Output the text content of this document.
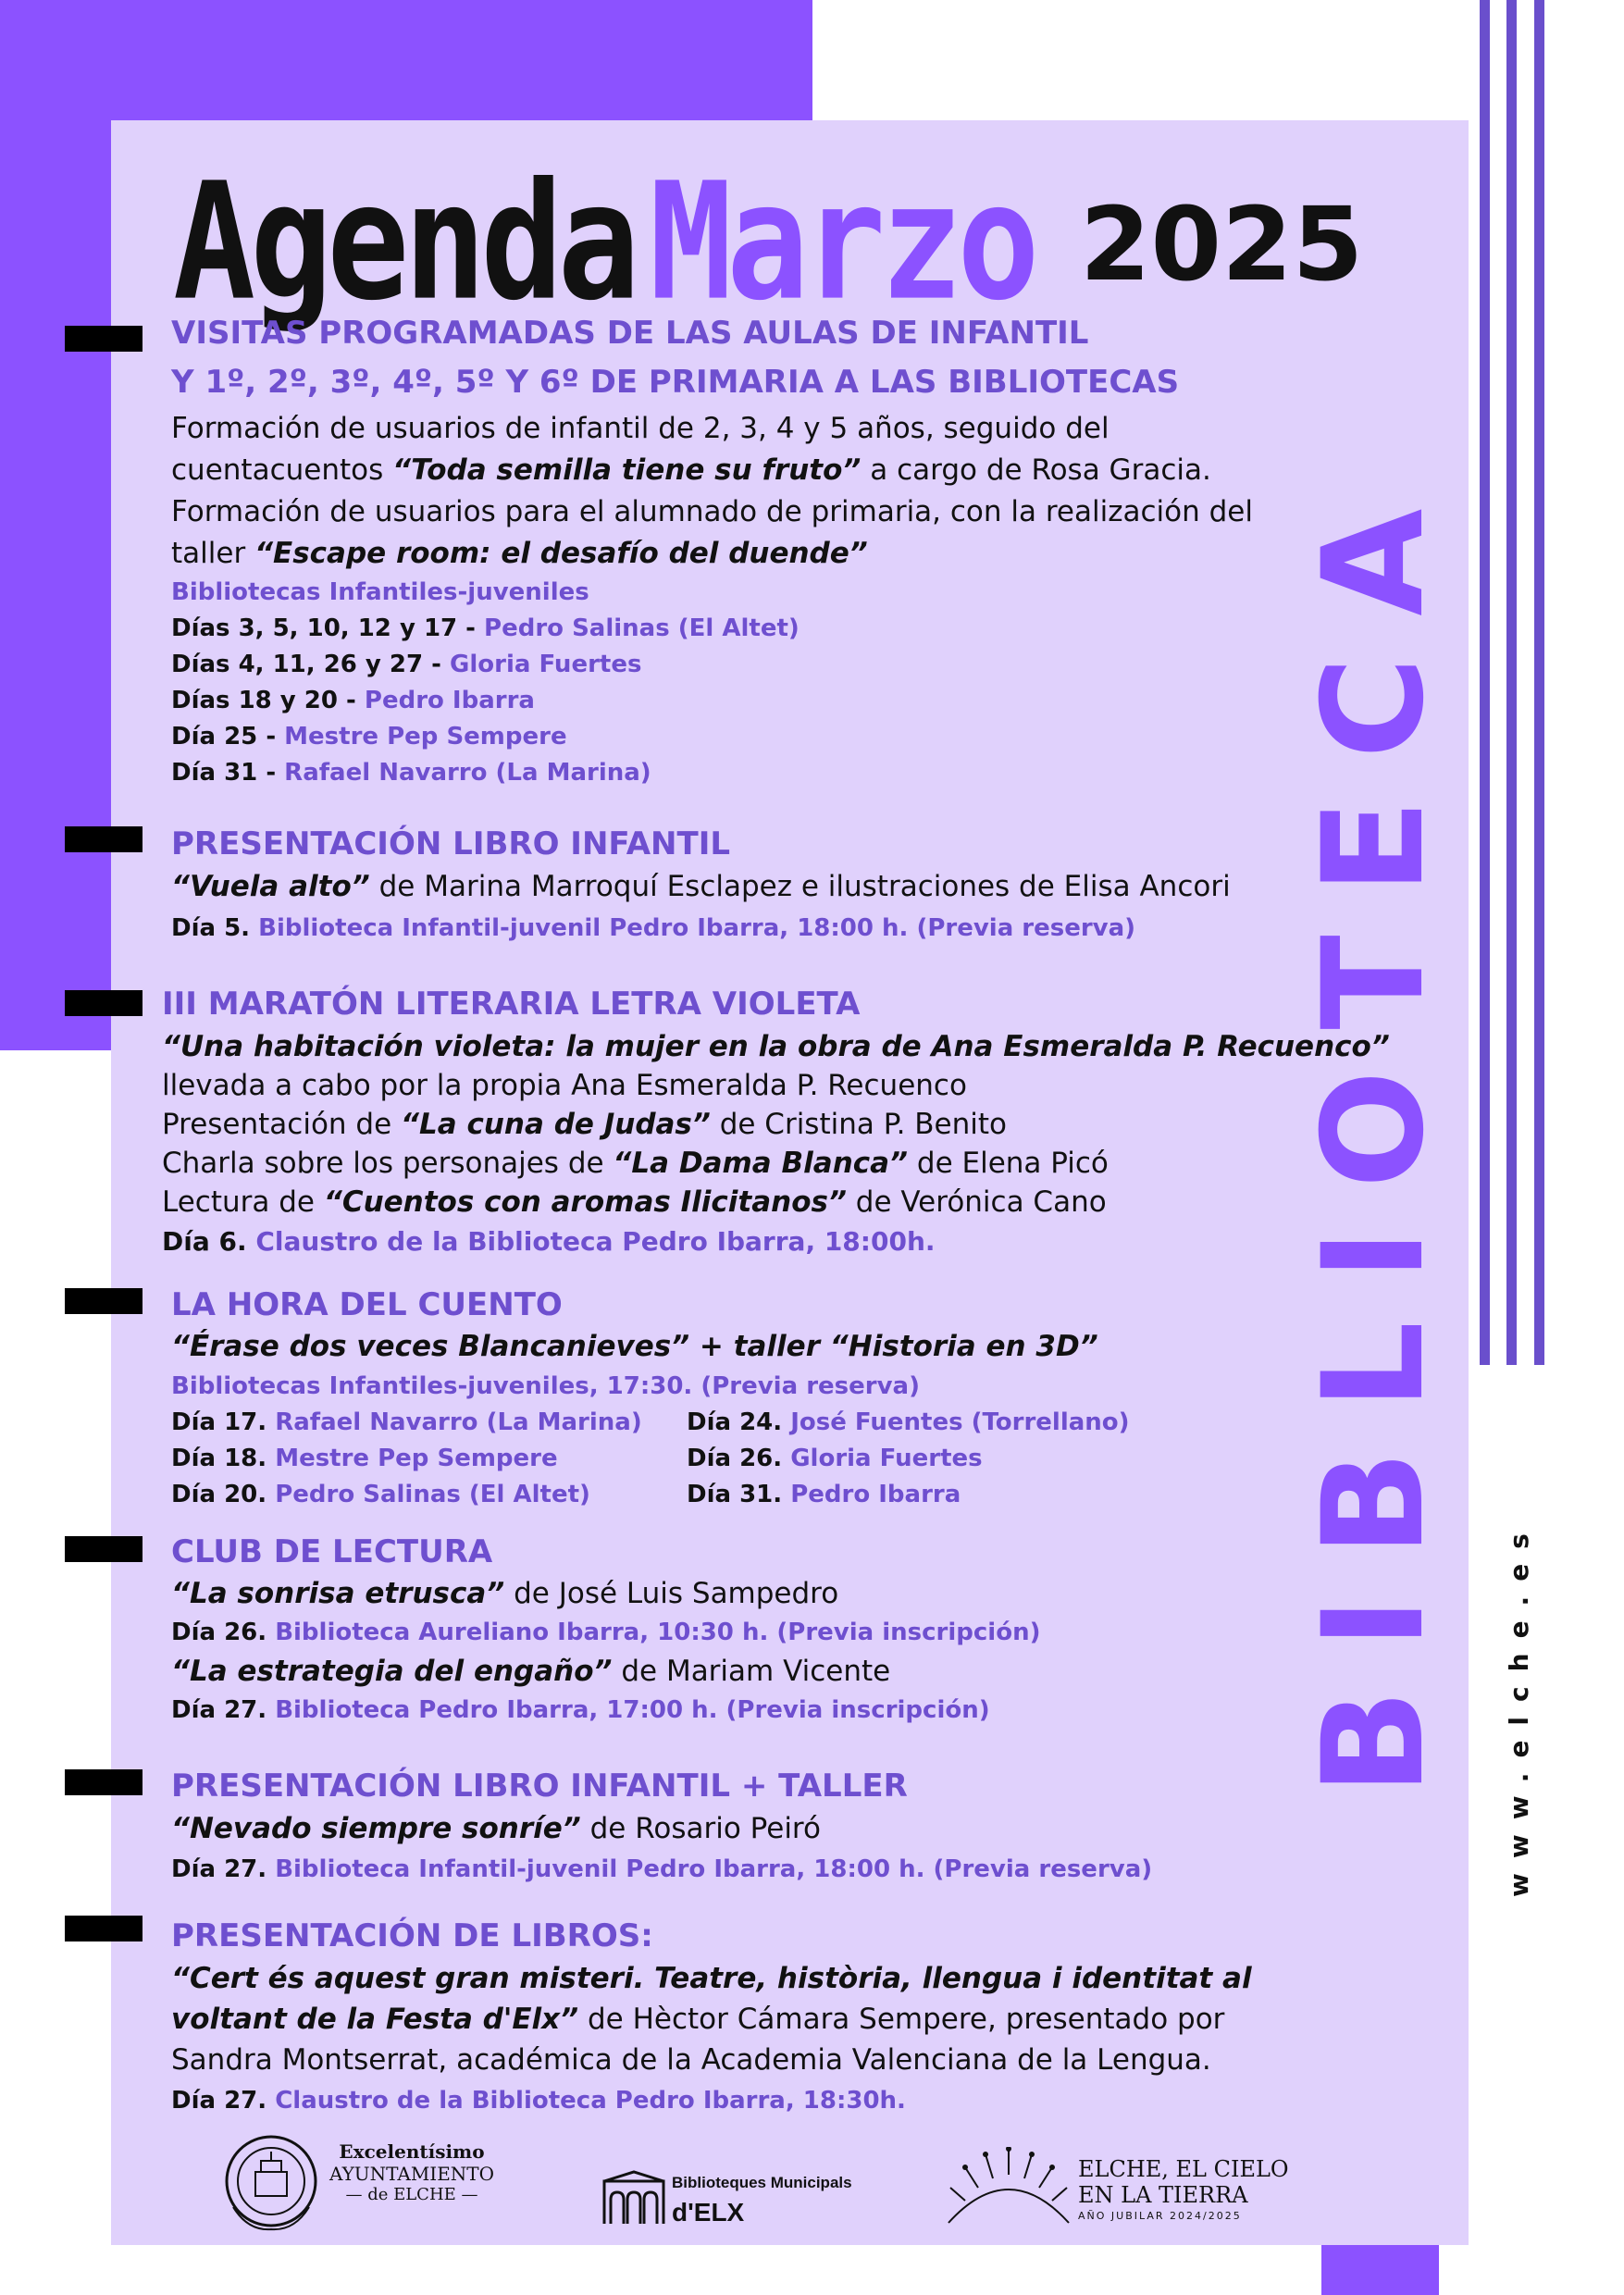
Agenda Marzo 2025
VISITAS PROGRAMADAS DE LAS AULAS DE INFANTIL
Y 1º, 2º, 3º, 4º, 5º Y 6º DE PRIMARIA A LAS BIBLIOTECAS
Formación de usuarios de infantil de 2, 3, 4 y 5 años, seguido del
cuentacuentos “Toda semilla tiene su fruto” a cargo de Rosa Gracia.
Formación de usuarios para el alumnado de primaria, con la realización del
taller “Escape room: el desafío del duende”
Bibliotecas Infantiles-juveniles
Días 3, 5, 10, 12 y 17 - Pedro Salinas (El Altet)
Días 4, 11, 26 y 27 - Gloria Fuertes
Días 18 y 20 - Pedro Ibarra
Día 25 - Mestre Pep Sempere
Día 31 - Rafael Navarro (La Marina)
PRESENTACIÓN LIBRO INFANTIL
“Vuela alto” de Marina Marroquí Esclapez e ilustraciones de Elisa Ancori
Día 5. Biblioteca Infantil-juvenil Pedro Ibarra, 18:00 h. (Previa reserva)
III MARATÓN LITERARIA LETRA VIOLETA
“Una habitación violeta: la mujer en la obra de Ana Esmeralda P. Recuenco”
llevada a cabo por la propia Ana Esmeralda P. Recuenco
Presentación de “La cuna de Judas” de Cristina P. Benito
Charla sobre los personajes de “La Dama Blanca” de Elena Picó
Lectura de “Cuentos con aromas Ilicitanos” de Verónica Cano
Día 6. Claustro de la Biblioteca Pedro Ibarra, 18:00h.
LA HORA DEL CUENTO
“Érase dos veces Blancanieves” + taller “Historia en 3D”
Bibliotecas Infantiles-juveniles, 17:30. (Previa reserva)
Día 17. Rafael Navarro (La Marina)
Día 18. Mestre Pep Sempere
Día 20. Pedro Salinas (El Altet)
Día 24. José Fuentes (Torrellano)
Día 26. Gloria Fuertes
Día 31. Pedro Ibarra
CLUB DE LECTURA
“La sonrisa etrusca” de José Luis Sampedro
Día 26. Biblioteca Aureliano Ibarra, 10:30 h. (Previa inscripción)
“La estrategia del engaño” de Mariam Vicente
Día 27. Biblioteca Pedro Ibarra, 17:00 h. (Previa inscripción)
PRESENTACIÓN LIBRO INFANTIL + TALLER
“Nevado siempre sonríe” de Rosario Peiró
Día 27. Biblioteca Infantil-juvenil Pedro Ibarra, 18:00 h. (Previa reserva)
PRESENTACIÓN DE LIBROS:
“Cert és aquest gran misteri. Teatre, història, llengua i identitat al
voltant de la Festa d'Elx” de Hèctor Cámara Sempere, presentado por
Sandra Montserrat, académica de la Academia Valenciana de la Lengua.
Día 27. Claustro de la Biblioteca Pedro Ibarra, 18:30h.
BIBLIOTECA www.elche.es
Excelentísimo
AYUNTAMIENTO
— de ELCHE —
Biblioteques Municipals
d'ELX
ELCHE, EL CIELO
EN LA TIERRA
AÑO JUBILAR 2024/2025
